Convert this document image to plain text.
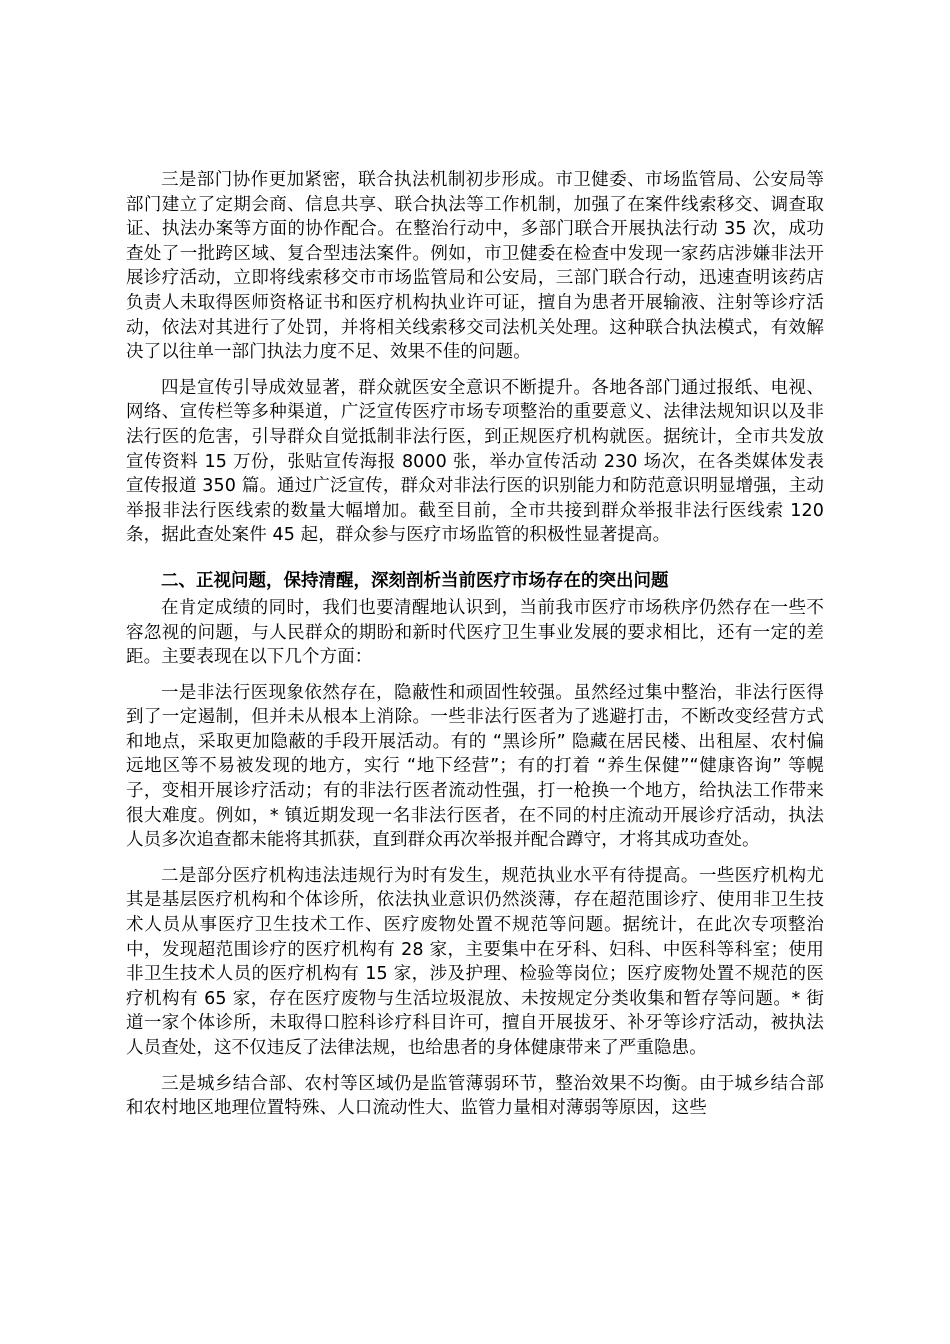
三是部门协作更加紧密，联合执法机制初步形成。市卫健委、市场监管局、公安局等部门建立了定期会商、信息共享、联合执法等工作机制，加强了在案件线索移交、调查取证、执法办案等方面的协作配合。在整治行动中，多部门联合开展执法行动 35 次，成功查处了一批跨区域、复合型违法案件。例如，市卫健委在检查中发现一家药店涉嫌非法开展诊疗活动，立即将线索移交市市场监管局和公安局，三部门联合行动，迅速查明该药店负责人未取得医师资格证书和医疗机构执业许可证，擅自为患者开展输液、注射等诊疗活动，依法对其进行了处罚，并将相关线索移交司法机关处理。这种联合执法模式，有效解决了以往单一部门执法力度不足、效果不佳的问题。

四是宣传引导成效显著，群众就医安全意识不断提升。各地各部门通过报纸、电视、网络、宣传栏等多种渠道，广泛宣传医疗市场专项整治的重要意义、法律法规知识以及非法行医的危害，引导群众自觉抵制非法行医，到正规医疗机构就医。据统计，全市共发放宣传资料 15 万份，张贴宣传海报 8000 张，举办宣传活动 230 场次，在各类媒体发表宣传报道 350 篇。通过广泛宣传，群众对非法行医的识别能力和防范意识明显增强，主动举报非法行医线索的数量大幅增加。截至目前，全市共接到群众举报非法行医线索 120 条，据此查处案件 45 起，群众参与医疗市场监管的积极性显著提高。

二、正视问题，保持清醒，深刻剖析当前医疗市场存在的突出问题

在肯定成绩的同时，我们也要清醒地认识到，当前我市医疗市场秩序仍然存在一些不容忽视的问题，与人民群众的期盼和新时代医疗卫生事业发展的要求相比，还有一定的差距。主要表现在以下几个方面：

一是非法行医现象依然存在，隐蔽性和顽固性较强。虽然经过集中整治，非法行医得到了一定遏制，但并未从根本上消除。一些非法行医者为了逃避打击，不断改变经营方式和地点，采取更加隐蔽的手段开展活动。有的 “黑诊所” 隐藏在居民楼、出租屋、农村偏远地区等不易被发现的地方，实行 “地下经营”；有的打着 “养生保健”“健康咨询” 等幌子，变相开展诊疗活动；有的非法行医者流动性强，打一枪换一个地方，给执法工作带来很大难度。例如，* 镇近期发现一名非法行医者，在不同的村庄流动开展诊疗活动，执法人员多次追查都未能将其抓获，直到群众再次举报并配合蹲守，才将其成功查处。

二是部分医疗机构违法违规行为时有发生，规范执业水平有待提高。一些医疗机构尤其是基层医疗机构和个体诊所，依法执业意识仍然淡薄，存在超范围诊疗、使用非卫生技术人员从事医疗卫生技术工作、医疗废物处置不规范等问题。据统计，在此次专项整治中，发现超范围诊疗的医疗机构有 28 家，主要集中在牙科、妇科、中医科等科室；使用非卫生技术人员的医疗机构有 15 家，涉及护理、检验等岗位；医疗废物处置不规范的医疗机构有 65 家，存在医疗废物与生活垃圾混放、未按规定分类收集和暂存等问题。* 街道一家个体诊所，未取得口腔科诊疗科目许可，擅自开展拔牙、补牙等诊疗活动，被执法人员查处，这不仅违反了法律法规，也给患者的身体健康带来了严重隐患。

三是城乡结合部、农村等区域仍是监管薄弱环节，整治效果不均衡。由于城乡结合部和农村地区地理位置特殊、人口流动性大、监管力量相对薄弱等原因，这些
